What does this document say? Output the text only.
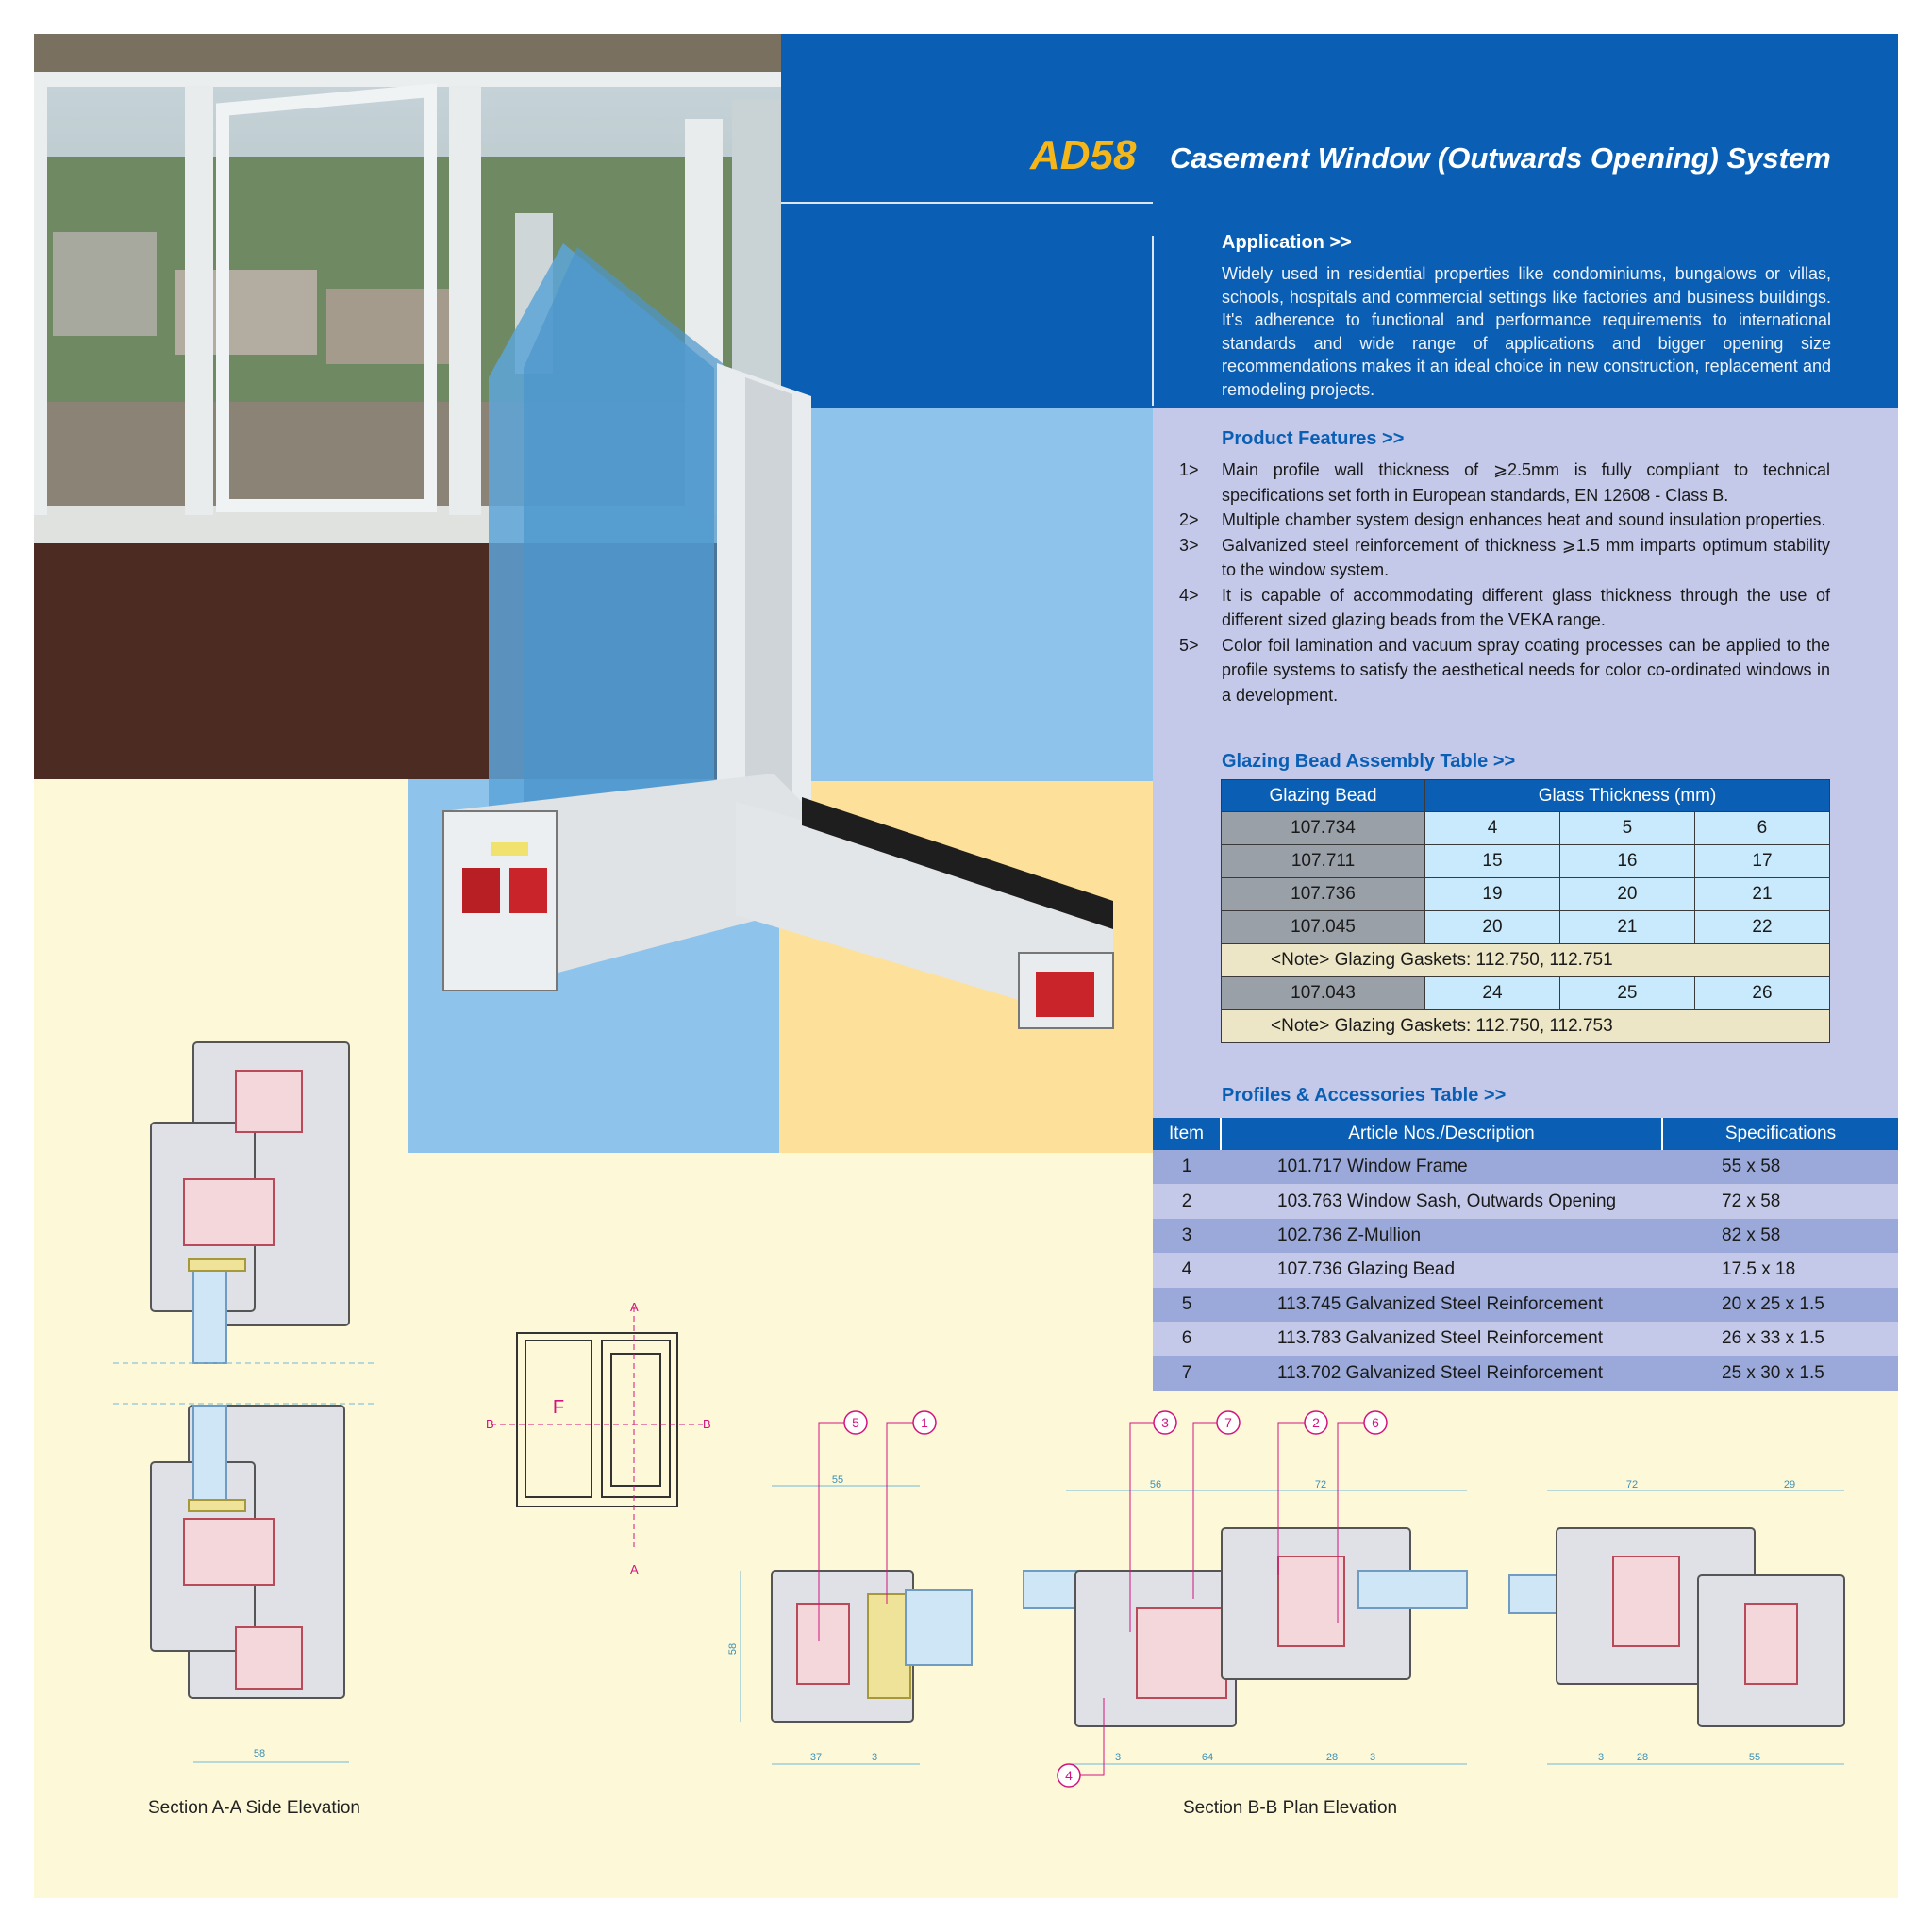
AD58 Casement Window (Outwards Opening) System
Application >>
Widely used in residential properties like condominiums, bungalows or villas, schools, hospitals and commercial settings like factories and business buildings. It's adherence to functional and performance requirements to international standards and wide range of applications and bigger opening size recommendations makes it an ideal choice in new construction, replacement and remodeling projects.
Product Features >>
1>	Main profile wall thickness of ⩾2.5mm is fully compliant to technical specifications set forth in European standards, EN 12608 - Class B.
2>	Multiple chamber system design enhances heat and sound insulation properties.
3>	Galvanized steel reinforcement of thickness ⩾1.5 mm imparts optimum stability to the window system.
4>	It is capable of accommodating different glass thickness through the use of different sized glazing beads from the VEKA range.
5>	Color foil lamination and vacuum spray coating processes can be applied to the profile systems to satisfy the aesthetical needs for color co-ordinated windows in a development.
Glazing Bead Assembly Table >>
Glazing Bead	Glass Thickness (mm)		
107.734	4	5	6
107.711	15	16	17
107.736	19	20	21
107.045	20	21	22
<Note> Glazing Gaskets: 112.750, 112.751			
107.043	24	25	26
<Note> Glazing Gaskets: 112.750, 112.753			
Profiles & Accessories Table >>
Item	Article Nos./Description	Specifications
1	101.717 Window Frame	55 x 58
2	103.763 Window Sash, Outwards Opening	72 x 58
3	102.736 Z-Mullion	82 x 58
4	107.736 Glazing Bead	17.5 x 18
5	113.745 Galvanized Steel Reinforcement	20 x 25 x 1.5
6	113.783 Galvanized Steel Reinforcement	26 x 33 x 1.5
7	113.702 Galvanized Steel Reinforcement	25 x 30 x 1.5
58
F
B	B
A
A
5	1	3	7	2	6
4
55
58
37	3
56	72
3	64	28	3
72	29
3	28	55
Section A-A Side Elevation	Section B-B Plan Elevation
